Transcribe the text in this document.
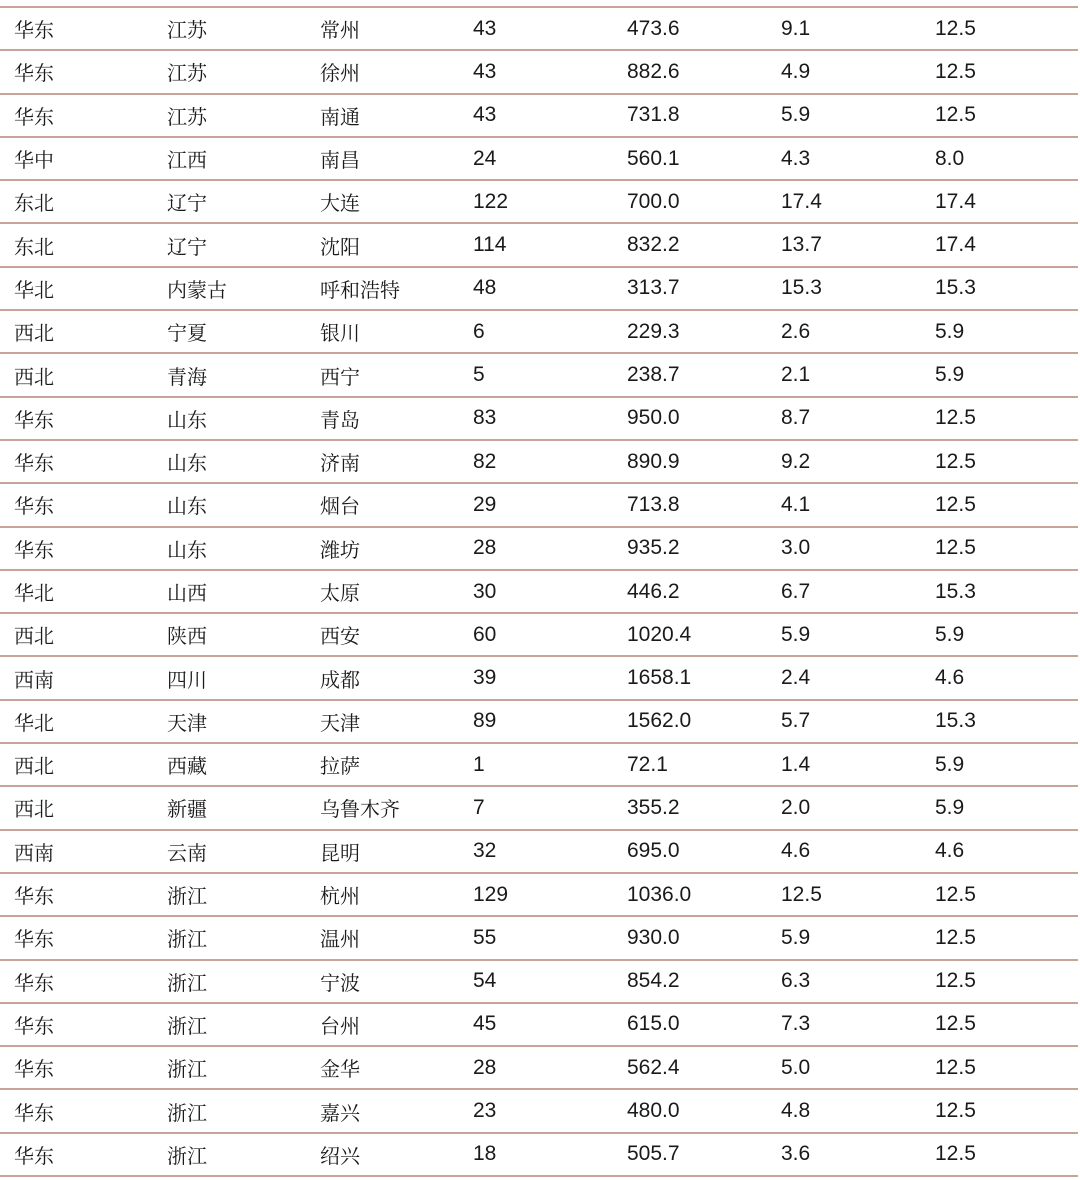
华东	江苏	常州	43	473.6	9.1	12.5
华东	江苏	徐州	43	882.6	4.9	12.5
华东	江苏	南通	43	731.8	5.9	12.5
华中	江西	南昌	24	560.1	4.3	8.0
东北	辽宁	大连	122	700.0	17.4	17.4
东北	辽宁	沈阳	114	832.2	13.7	17.4
华北	内蒙古	呼和浩特	48	313.7	15.3	15.3
西北	宁夏	银川	6	229.3	2.6	5.9
西北	青海	西宁	5	238.7	2.1	5.9
华东	山东	青岛	83	950.0	8.7	12.5
华东	山东	济南	82	890.9	9.2	12.5
华东	山东	烟台	29	713.8	4.1	12.5
华东	山东	潍坊	28	935.2	3.0	12.5
华北	山西	太原	30	446.2	6.7	15.3
西北	陕西	西安	60	1020.4	5.9	5.9
西南	四川	成都	39	1658.1	2.4	4.6
华北	天津	天津	89	1562.0	5.7	15.3
西北	西藏	拉萨	1	72.1	1.4	5.9
西北	新疆	乌鲁木齐	7	355.2	2.0	5.9
西南	云南	昆明	32	695.0	4.6	4.6
华东	浙江	杭州	129	1036.0	12.5	12.5
华东	浙江	温州	55	930.0	5.9	12.5
华东	浙江	宁波	54	854.2	6.3	12.5
华东	浙江	台州	45	615.0	7.3	12.5
华东	浙江	金华	28	562.4	5.0	12.5
华东	浙江	嘉兴	23	480.0	4.8	12.5
华东	浙江	绍兴	18	505.7	3.6	12.5
